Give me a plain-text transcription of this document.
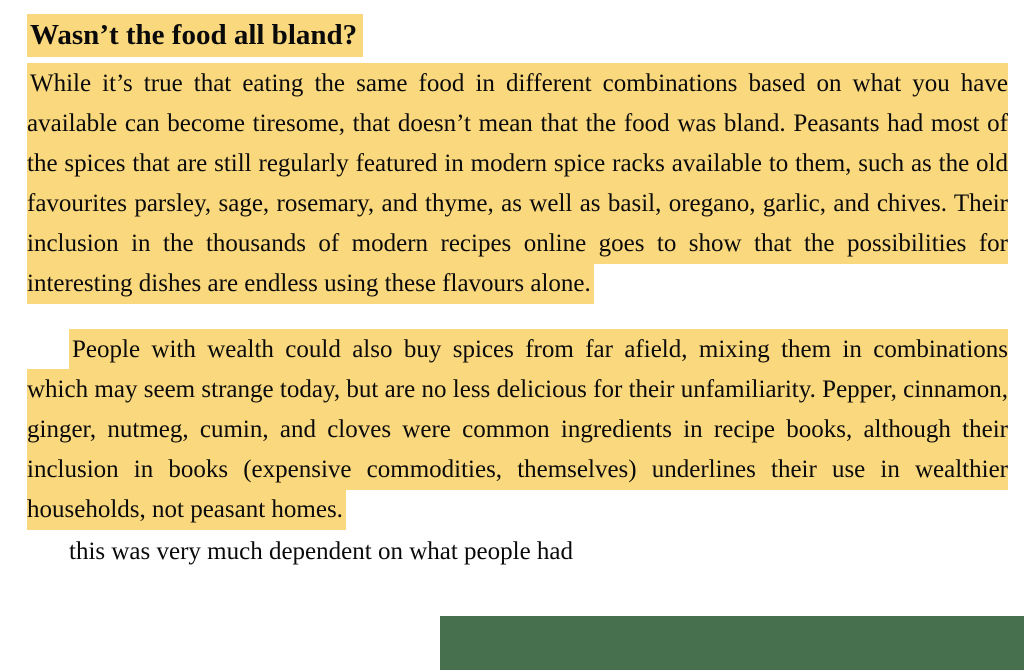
Wasn’t the food all bland?

While it’s true that eating the same food in different combinations based on what you have available can become tiresome, that doesn’t mean that the food was bland. Peasants had most of the spices that are still regularly featured in modern spice racks available to them, such as the old favourites parsley, sage, rosemary, and thyme, as well as basil, oregano, garlic, and chives. Their inclusion in the thousands of modern recipes online goes to show that the possibilities for interesting dishes are endless using these flavours alone.

People with wealth could also buy spices from far afield, mixing them in combinations which may seem strange today, but are no less delicious for their unfamiliarity. Pepper, cinnamon, ginger, nutmeg, cumin, and cloves were common ingredients in recipe books, although their inclusion in books (expensive commodities, themselves) underlines their use in wealthier households, not peasant homes.

this was very much dependent on what people had
